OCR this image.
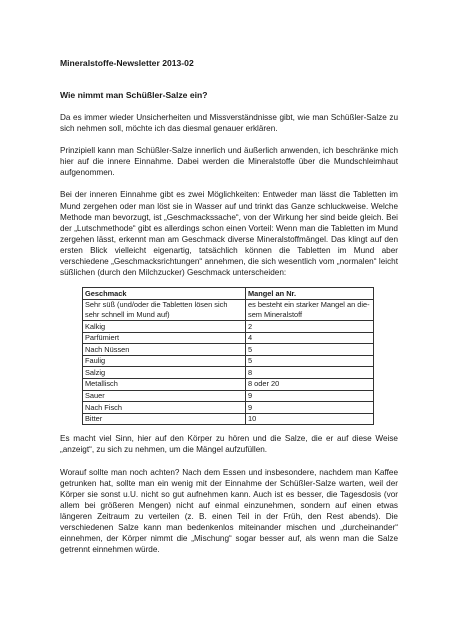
Mineralstoffe-Newsletter 2013-02
Wie nimmt man Schüßler-Salze ein?

Da es immer wieder Unsicherheiten und Missverständnisse gibt, wie man Schüßler-Salze zu sich nehmen soll, möchte ich das diesmal genauer erklären.

Prinzipiell kann man Schüßler-Salze innerlich und äußerlich anwenden, ich beschränke mich hier auf die innere Einnahme. Dabei werden die Mineralstoffe über die Mundschleimhaut aufgenommen.

Bei der inneren Einnahme gibt es zwei Möglichkeiten: Entweder man lässt die Tabletten im Mund zergehen oder man löst sie in Wasser auf und trinkt das Ganze schluckweise. Welche Methode man bevorzugt, ist „Geschmackssache“, von der Wirkung her sind beide gleich. Bei der „Lutschmethode“ gibt es allerdings schon einen Vorteil: Wenn man die Tabletten im Mund zergehen lässt, erkennt man am Geschmack diverse Mineralstoffmängel. Das klingt auf den ersten Blick vielleicht eigenartig, tatsächlich können die Tabletten im Mund aber verschiedene „Geschmacksrichtungen“ annehmen, die sich wesentlich vom „normalen“ leicht süßlichen (durch den Milchzucker) Geschmack unterscheiden:

Geschmack	Mangel an Nr.
Sehr süß (und/oder die Tabletten lösen sich sehr schnell im Mund auf)	es besteht ein starker Mangel an die-sem Mineralstoff
Kalkig	2
Parfümiert	4
Nach Nüssen	5
Faulig	5
Salzig	8
Metallisch	8 oder 20
Sauer	9
Nach Fisch	9
Bitter	10

Es macht viel Sinn, hier auf den Körper zu hören und die Salze, die er auf diese Weise „anzeigt“, zu sich zu nehmen, um die Mängel aufzufüllen.

Worauf sollte man noch achten? Nach dem Essen und insbesondere, nachdem man Kaffee getrunken hat, sollte man ein wenig mit der Einnahme der Schüßler-Salze warten, weil der Körper sie sonst u.U. nicht so gut aufnehmen kann. Auch ist es besser, die Tagesdosis (vor allem bei größeren Mengen) nicht auf einmal einzunehmen, sondern auf einen etwas längeren Zeitraum zu verteilen (z. B. einen Teil in der Früh, den Rest abends). Die verschiedenen Salze kann man bedenkenlos miteinander mischen und „durcheinander“ einnehmen, der Körper nimmt die „Mischung“ sogar besser auf, als wenn man die Salze getrennt einnehmen würde.
